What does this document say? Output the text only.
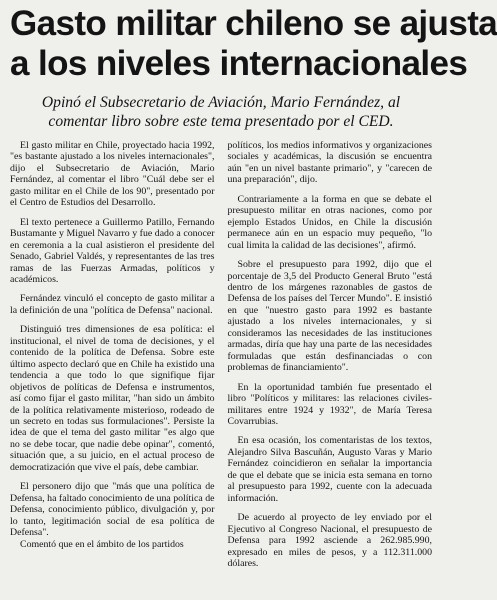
Gasto militar chileno se ajusta
a los niveles internacionales

Opinó el Subsecretario de Aviación, Mario Fernández, al comentar libro sobre este tema presentado por el CED.

El gasto militar en Chile, proyectado hacia 1992, "es bastante ajustado a los niveles internacionales", dijo el Subsecretario de Aviación, Mario Fernández, al comentar el libro "Cuál debe ser el gasto militar en el Chile de los 90", presentado por el Centro de Estudios del Desarrollo.

El texto pertenece a Guillermo Patillo, Fernando Bustamante y Miguel Navarro y fue dado a conocer en ceremonia a la cual asistieron el presidente del Senado, Gabriel Valdés, y representantes de las tres ramas de las Fuerzas Armadas, políticos y académicos.

Fernández vinculó el concepto de gasto militar a la definición de una "política de Defensa" nacional.

Distinguió tres dimensiones de esa política: el institucional, el nivel de toma de decisiones, y el contenido de la política de Defensa. Sobre este último aspecto declaró que en Chile ha existido una tendencia a que todo lo que signifique fijar objetivos de políticas de Defensa e instrumentos, así como fijar el gasto militar, "han sido un ámbito de la política relativamente misterioso, rodeado de un secreto en todas sus formulaciones". Persiste la idea de que el tema del gasto militar "es algo que no se debe tocar, que nadie debe opinar", comentó, situación que, a su juicio, en el actual proceso de democratización que vive el país, debe cambiar.

El personero dijo que "más que una política de Defensa, ha faltado conocimiento de una política de Defensa, conocimiento público, divulgación y, por lo tanto, legitimación social de esa política de Defensa".

Comentó que en el ámbito de los partidos

políticos, los medios informativos y organizaciones sociales y académicas, la discusión se encuentra aún "en un nivel bastante primario", y "carecen de una preparación", dijo.

Contrariamente a la forma en que se debate el presupuesto militar en otras naciones, como por ejemplo Estados Unidos, en Chile la discusión permanece aún en un espacio muy pequeño, "lo cual limita la calidad de las decisiones", afirmó.

Sobre el presupuesto para 1992, dijo que el porcentaje de 3,5 del Producto General Bruto "está dentro de los márgenes razonables de gastos de Defensa de los países del Tercer Mundo". E insistió en que "nuestro gasto para 1992 es bastante ajustado a los niveles internacionales, y si consideramos las necesidades de las instituciones armadas, diría que hay una parte de las necesidades formuladas que están desfinanciadas o con problemas de financiamiento".

En la oportunidad también fue presentado el libro "Políticos y militares: las relaciones civiles-militares entre 1924 y 1932", de María Teresa Covarrubias.

En esa ocasión, los comentaristas de los textos, Alejandro Silva Bascuñán, Augusto Varas y Mario Fernández coincidieron en señalar la importancia de que el debate que se inicia esta semana en torno al presupuesto para 1992, cuente con la adecuada información.

De acuerdo al proyecto de ley enviado por el Ejecutivo al Congreso Nacional, el presupuesto de Defensa para 1992 asciende a 262.985.990, expresado en miles de pesos, y a 112.311.000 dólares.
